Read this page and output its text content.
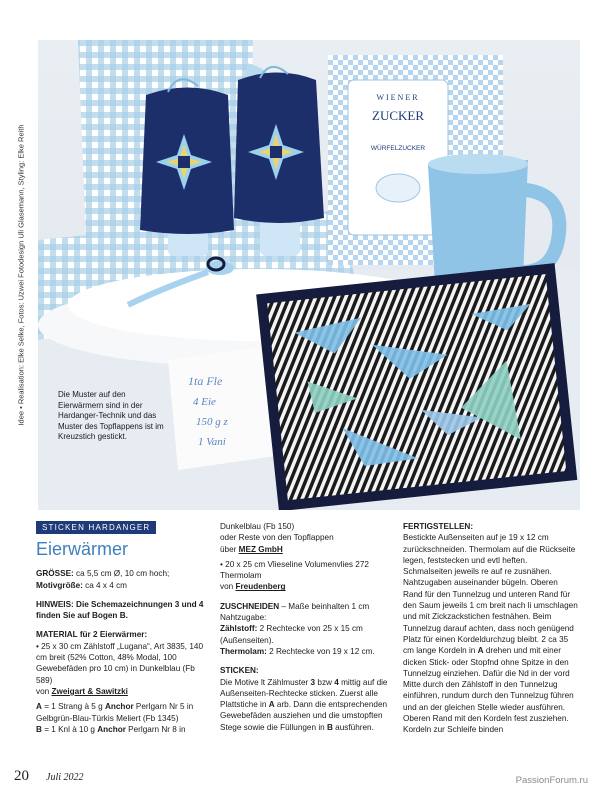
Idee • Realisation: Elke Selke, Fotos: Uzwei Fotodesign Uli Glasemann, Styling: Elke Reith
WIENER
ZUCKER
WÜRFELZUCKER
1ta Fle
4 Eie
150 g z
1 Vani
Die Muster auf den Eierwärmern sind in der Hardanger-Technik und das Muster des Topflappens ist im Kreuzstich gestickt.
STICKEN HARDANGER
Eierwärmer

GRÖSSE: ca 5,5 cm Ø, 10 cm hoch;

Motivgröße: ca 4 x 4 cm

HINWEIS: Die Schemazeichnungen 3 und 4 finden Sie auf Bogen B.

MATERIAL für 2 Eierwärmer:

• 25 x 30 cm Zählstoff „Lugana“, Art 3835, 140 cm breit (52% Cotton, 48% Modal, 100 Gewebefäden pro 10 cm) in Dunkelblau (Fb 589)

von Zweigart & Sawitzki

A = 1 Strang à 5 g Anchor Perlgarn Nr 5 in Gelbgrün-Blau-Türkis Meliert (Fb 1345)

B = 1 Knl à 10 g Anchor Perlgarn Nr 8 in

Dunkelblau (Fb 150)

oder Reste von den Topflappen

über MEZ GmbH

• 20 x 25 cm Vlieseline Volumenvlies 272 Thermolam

von Freudenberg

ZUSCHNEIDEN – Maße beinhalten 1 cm Nahtzugabe:

Zählstoff: 2 Rechtecke von 25 x 15 cm (Außenseiten).

Thermolam: 2 Rechtecke von 19 x 12 cm.

STICKEN:

Die Motive lt Zählmuster 3 bzw 4 mittig auf die Außenseiten-Rechtecke sticken. Zuerst alle Plattstiche in A arb. Dann die entsprechenden Gewebefäden ausziehen und die umstopften Stege sowie die Füllungen in B ausführen.

FERTIGSTELLEN:

Bestickte Außenseiten auf je 19 x 12 cm zurückschneiden. Thermolam auf die Rückseite legen, feststecken und evtl heften. Schmalseiten jeweils re auf re zusnähen. Nahtzugaben auseinander bügeln. Oberen Rand für den Tunnelzug und unteren Rand für den Saum jeweils 1 cm breit nach li umschlagen und mit Zickzackstichen festnähen. Beim Tunnelzug darauf achten, dass noch genügend Platz für einen Kordeldurchzug bleibt. 2 ca 35 cm lange Kordeln in A drehen und mit einer dicken Stick- oder Stopfnd ohne Spitze in den Tunnelzug einziehen. Dafür die Nd in der vord Mitte durch den Zählstoff in den Tunnelzug einführen, rundum durch den Tunnelzug führen und an der gleichen Stelle wieder ausführen. Oberen Rand mit den Kordeln fest zusziehen. Kordeln zur Schleife binden

20 Juli 2022	PassionForum.ru
